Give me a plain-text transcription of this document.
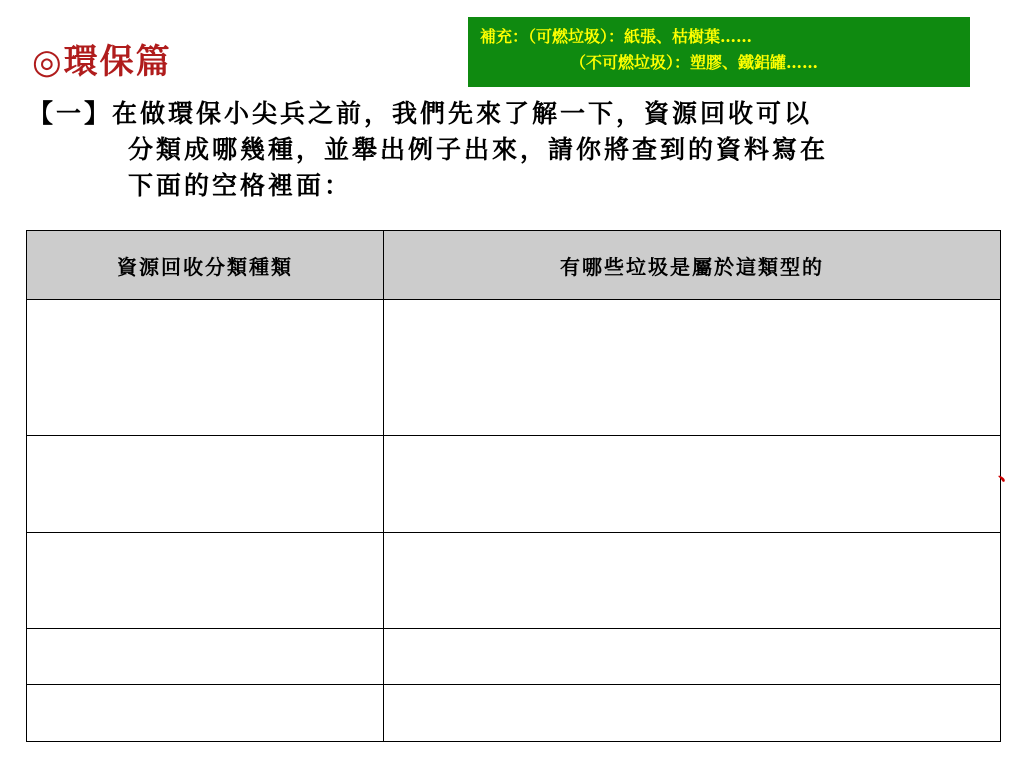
◎環保篇
補充：（可燃垃圾）：紙張、枯樹葉……
（不可燃垃圾）：塑膠、鐵鋁罐……
【一】在做環保小尖兵之前，我們先來了解一下，資源回收可以
分類成哪幾種，並舉出例子出來，請你將查到的資料寫在
下面的空格裡面：
資源回收分類種類	有哪些垃圾是屬於這類型的

、
